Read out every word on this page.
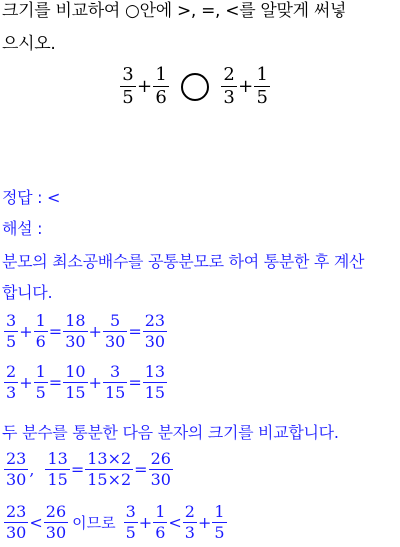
크기를 비교하여 ○안에 >, =, <를 알맞게 써넣
으시오.
$\frac{3}{5} + \frac{1}{6}$	$\frac{2}{3} + \frac{1}{5}$
정답 : <
해설 :
분모의 최소공배수를 공통분모로 하여 통분한 후 계산
합니다.
$\frac{3}{5} + \frac{1}{6} = \frac{18}{30} + \frac{5}{30} = \frac{23}{30}$
$\frac{2}{3} + \frac{1}{5} = \frac{10}{15} + \frac{3}{15} = \frac{13}{15}$
두 분수를 통분한 다음 분자의 크기를 비교합니다.
$\frac{23}{30}$ , $\frac{13}{15} = \frac{13\times 2}{15\times 2} = \frac{26}{30}$
$\frac{23}{30} < \frac{26}{30}$ 이므로 $\frac{3}{5} + \frac{1}{6} < \frac{2}{3} + \frac{1}{5}$
